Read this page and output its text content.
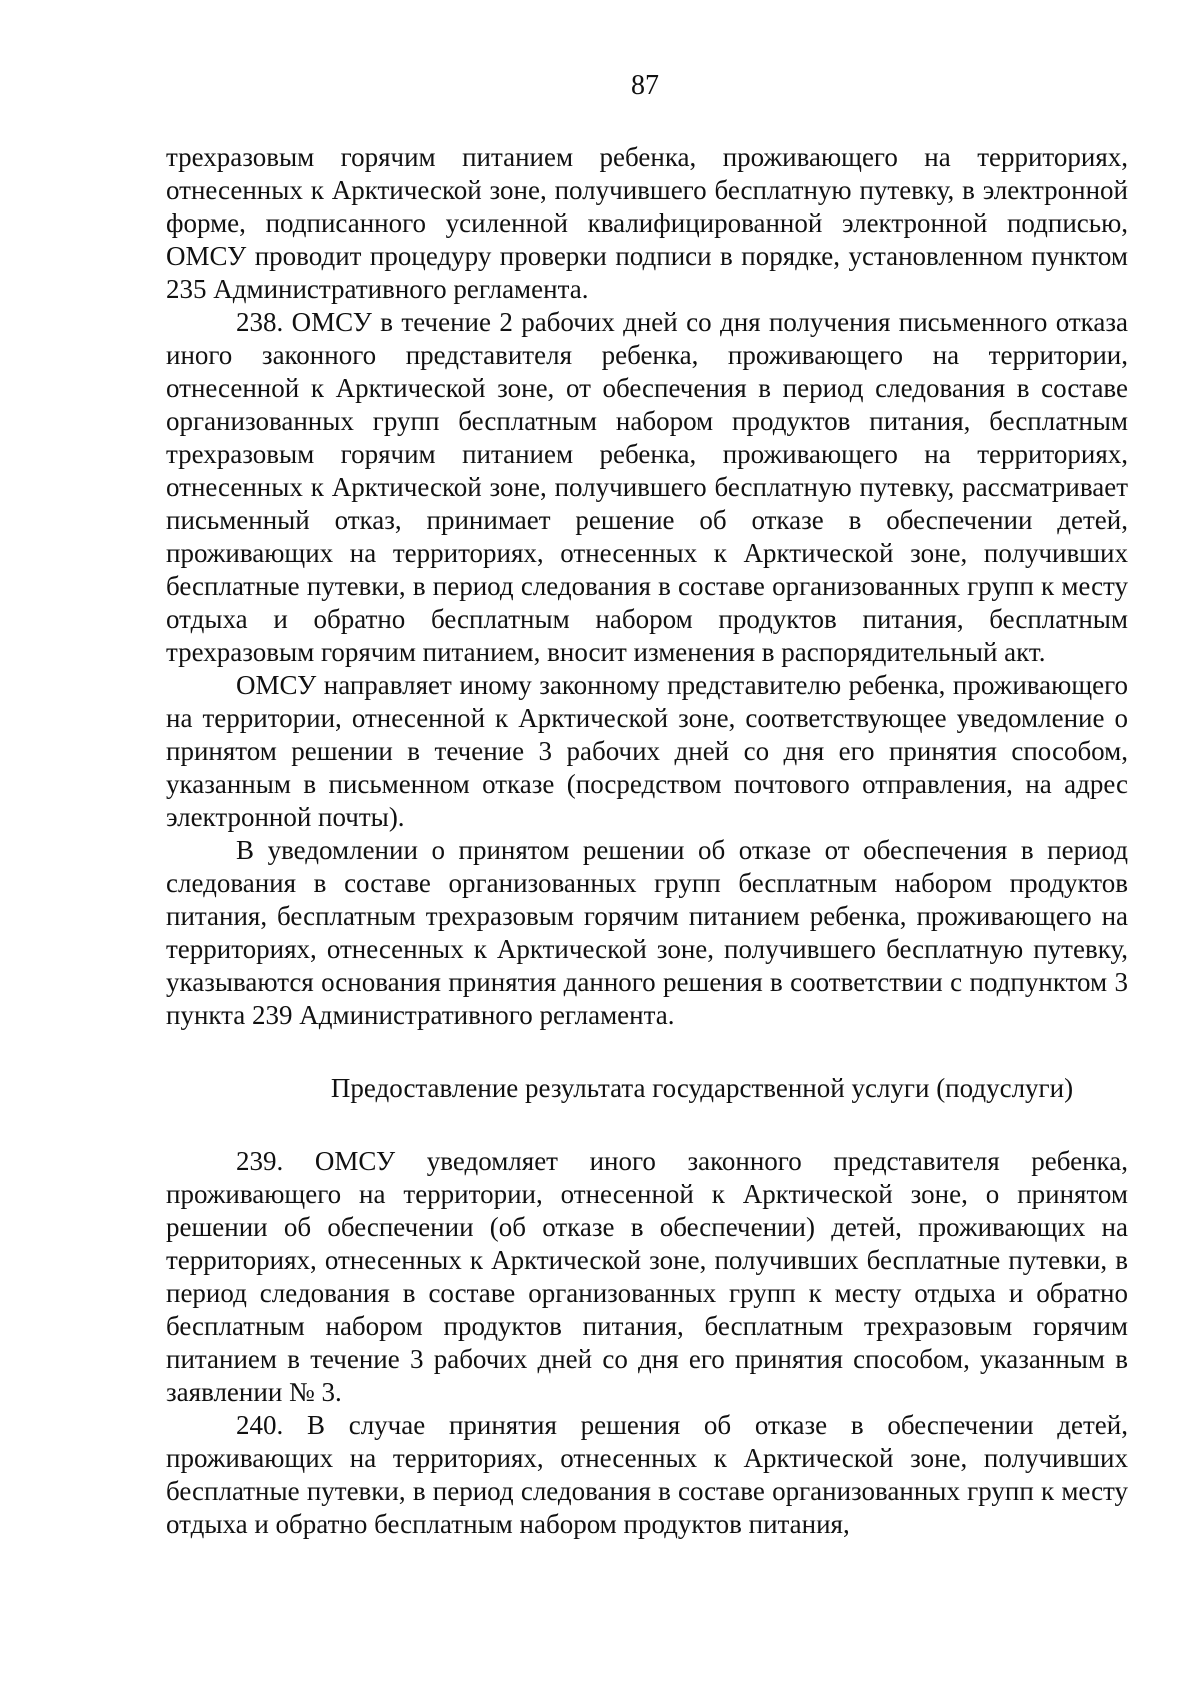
87

трехразовым горячим питанием ребенка, проживающего на территориях, отнесенных к Арктической зоне, получившего бесплатную путевку, в электронной форме, подписанного усиленной квалифицированной электронной подписью, ОМСУ проводит процедуру проверки подписи в порядке, установленном пунктом 235 Административного регламента.

238. ОМСУ в течение 2 рабочих дней со дня получения письменного отказа иного законного представителя ребенка, проживающего на территории, отнесенной к Арктической зоне, от обеспечения в период следования в составе организованных групп бесплатным набором продуктов питания, бесплатным трехразовым горячим питанием ребенка, проживающего на территориях, отнесенных к Арктической зоне, получившего бесплатную путевку, рассматривает письменный отказ, принимает решение об отказе в обеспечении детей, проживающих на территориях, отнесенных к Арктической зоне, получивших бесплатные путевки, в период следования в составе организованных групп к месту отдыха и обратно бесплатным набором продуктов питания, бесплатным трехразовым горячим питанием, вносит изменения в распорядительный акт.

ОМСУ направляет иному законному представителю ребенка, проживающего на территории, отнесенной к Арктической зоне, соответствующее уведомление о принятом решении в течение 3 рабочих дней со дня его принятия способом, указанным в письменном отказе (посредством почтового отправления, на адрес электронной почты).

В уведомлении о принятом решении об отказе от обеспечения в период следования в составе организованных групп бесплатным набором продуктов питания, бесплатным трехразовым горячим питанием ребенка, проживающего на территориях, отнесенных к Арктической зоне, получившего бесплатную путевку, указываются основания принятия данного решения в соответствии с подпунктом 3 пункта 239 Административного регламента.

Предоставление результата государственной услуги (подуслуги)

239. ОМСУ уведомляет иного законного представителя ребенка, проживающего на территории, отнесенной к Арктической зоне, о принятом решении об обеспечении (об отказе в обеспечении) детей, проживающих на территориях, отнесенных к Арктической зоне, получивших бесплатные путевки, в период следования в составе организованных групп к месту отдыха и обратно бесплатным набором продуктов питания, бесплатным трехразовым горячим питанием в течение 3 рабочих дней со дня его принятия способом, указанным в заявлении № 3.

240. В случае принятия решения об отказе в обеспечении детей, проживающих на территориях, отнесенных к Арктической зоне, получивших бесплатные путевки, в период следования в составе организованных групп к месту отдыха и обратно бесплатным набором продуктов питания,
